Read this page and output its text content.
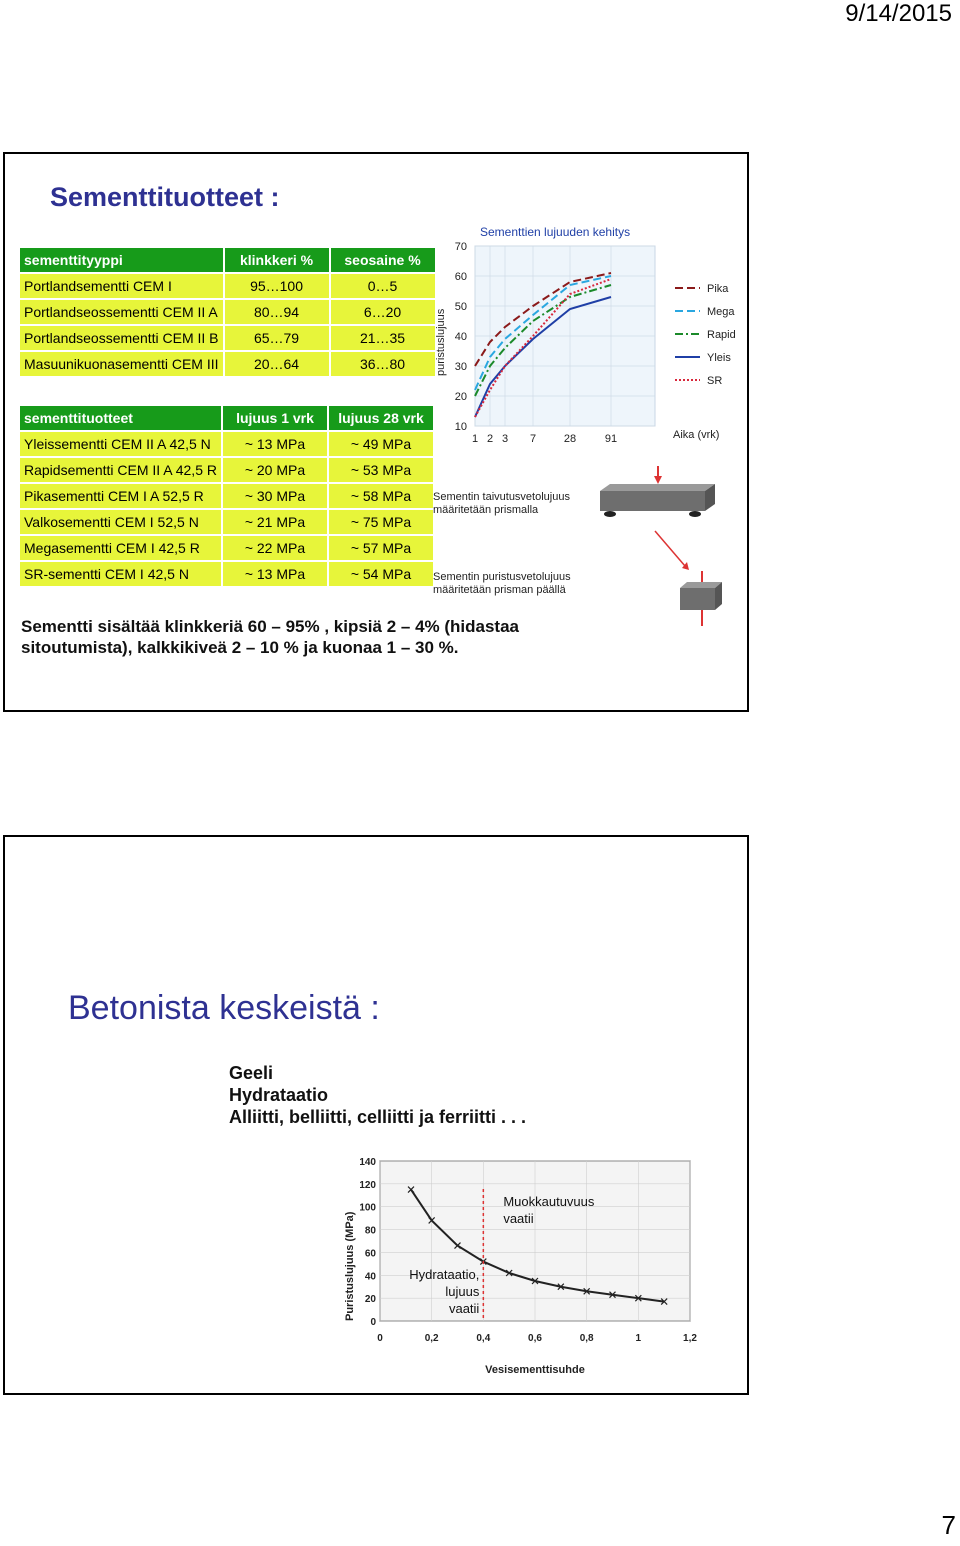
9/14/2015
Sementtituotteet :
sementtityyppi	klinkkeri %	seosaine %
Portlandsementti CEM I	95…100	0…5
Portlandseossementti CEM II A	80…94	6…20
Portlandseossementti CEM II B	65…79	21…35
Masuunikuonasementti CEM III	20…64	36…80
sementtituotteet	lujuus 1 vrk	lujuus 28 vrk
Yleissementti CEM II A 42,5 N	~ 13 MPa	~ 49 MPa
Rapidsementti CEM II A 42,5 R	~ 20 MPa	~ 53 MPa
Pikasementti CEM I A 52,5 R	~ 30 MPa	~ 58 MPa
Valkosementti CEM I 52,5 N	~ 21 MPa	~ 75 MPa
Megasementti CEM I 42,5 R	~ 22 MPa	~ 57 MPa
SR-sementti CEM I 42,5 N	~ 13 MPa	~ 54 MPa
Sementtien lujuuden kehitys
10
20
30
40
50
60
70
1 2 3 7	28	91	Aika (vrk)
puristuslujuus
Pika
Mega
Rapid
Yleis
SR
Sementin taivutusvetolujuus määritetään prismalla
Sementin puristusvetolujuus määritetään prisman päällä
Sementti sisältää klinkkeriä 60 – 95% , kipsiä 2 – 4% (hidastaa sitoutumista), kalkkikiveä 2 – 10 % ja kuonaa 1 – 30 %.
Betonista keskeistä :
Geeli
Hydrataatio
Alliitti, belliitti, celliitti ja ferriitti . . .
0
20
40
60
80
100
120
140
0	0,2	0,4	0,6	0,8	1	1,2
Vesisementtisuhde
Puristuslujuus (MPa)	Hydrataatio,
lujuus
vaatii
Muokkautuvuus
vaatii
7
